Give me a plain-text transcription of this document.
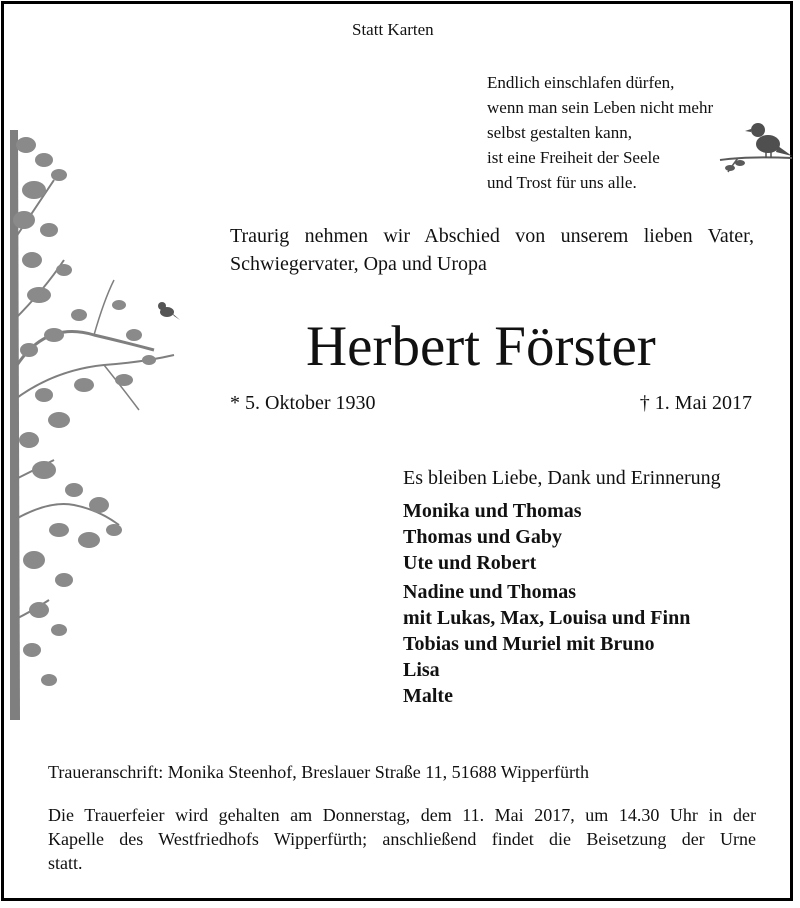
Statt Karten
Endlich einschlafen dürfen,
wenn man sein Leben nicht mehr
selbst gestalten kann,
ist eine Freiheit der Seele
und Trost für uns alle.
Traurig nehmen wir Abschied von unserem lieben Vater,
Schwiegervater, Opa und Uropa
Herbert Förster
* 5. Oktober 1930	† 1. Mai 2017
Es bleiben Liebe, Dank und Erinnerung
Monika und Thomas
Thomas und Gaby
Ute und Robert
Nadine und Thomas
mit Lukas, Max, Louisa und Finn
Tobias und Muriel mit Bruno
Lisa
Malte
Traueranschrift: Monika Steenhof, Breslauer Straße 11, 51688 Wipperfürth
Die Trauerfeier wird gehalten am Donnerstag, dem 11. Mai 2017, um 14.30 Uhr in der
Kapelle des Westfriedhofs Wipperfürth; anschließend findet die Beisetzung der Urne
statt.
